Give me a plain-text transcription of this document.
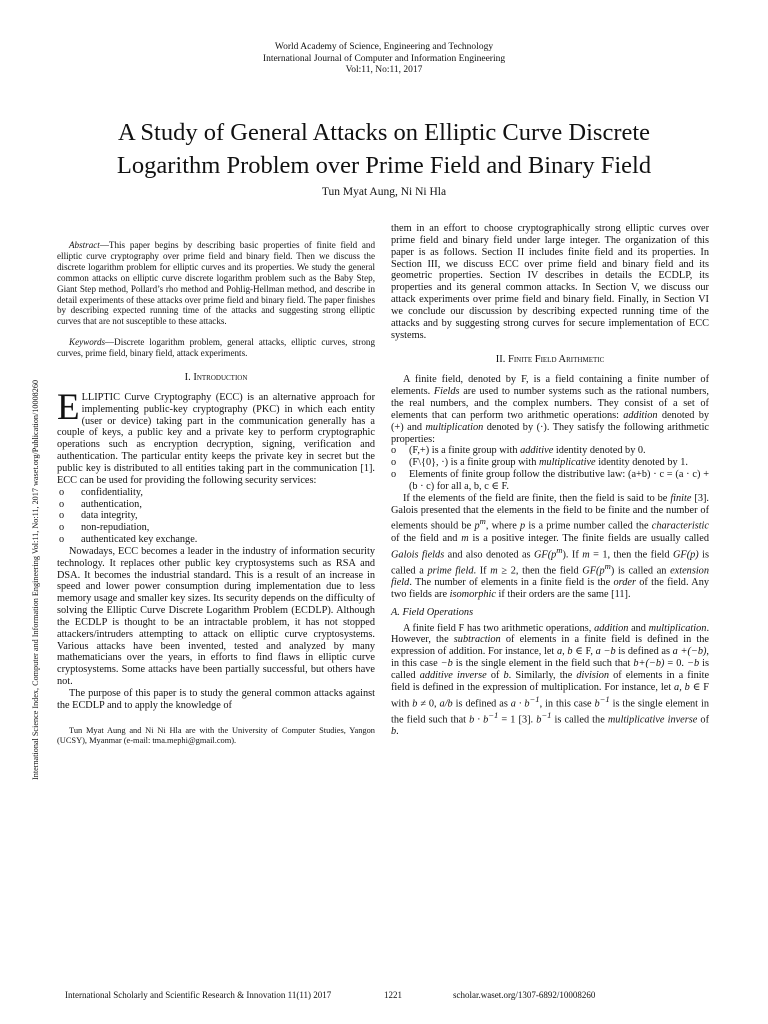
World Academy of Science, Engineering and Technology
International Journal of Computer and Information Engineering
Vol:11, No:11, 2017
A Study of General Attacks on Elliptic Curve Discrete
Logarithm Problem over Prime Field and Binary Field
Tun Myat Aung, Ni Ni Hla
International Science Index, Computer and Information Engineering Vol:11, No:11, 2017 waset.org/Publication/10008260

Abstract—This paper begins by describing basic properties of finite field and elliptic curve cryptography over prime field and binary field. Then we discuss the discrete logarithm problem for elliptic curves and its properties. We study the general common attacks on elliptic curve discrete logarithm problem such as the Baby Step, Giant Step method, Pollard’s rho method and Pohlig-Hellman method, and describe in detail experiments of these attacks over prime field and binary field. The paper finishes by describing expected running time of the attacks and suggesting strong elliptic curves that are not susceptible to these attacks.

Keywords—Discrete logarithm problem, general attacks, elliptic curves, strong curves, prime field, binary field, attack experiments.

I. Introduction

ELLIPTIC Curve Cryptography (ECC) is an alternative approach for implementing public-key cryptography (PKC) in which each entity (user or device) taking part in the communication generally has a couple of keys, a public key and a private key to perform cryptographic operations such as encryption decryption, signing, verification and authentication. The particular entity keeps the private key in secret but the public key is distributed to all entities taking part in the communication [1]. ECC can be used for providing the following security services:

o confidentiality,
o authentication,
o data integrity,
o non-repudiation,
o authenticated key exchange.

Nowadays, ECC becomes a leader in the industry of information security technology. It replaces other public key cryptosystems such as RSA and DSA. It becomes the industrial standard. This is a result of an increase in speed and lower power consumption during implementation due to less memory usage and smaller key sizes. Its security depends on the difficulty of solving the Elliptic Curve Discrete Logarithm Problem (ECDLP). Although the ECDLP is thought to be an intractable problem, it has not stopped attackers/intruders attempting to attack on elliptic curve cryptosystems. Various attacks have been invented, tested and analyzed by many mathematicians over the years, in efforts to find flaws in elliptic curve cryptosystems. Some attacks have been partially successful, but others have not.

The purpose of this paper is to study the general common attacks against the ECDLP and to apply the knowledge of

Tun Myat Aung and Ni Ni Hla are with the University of Computer Studies, Yangon (UCSY), Myanmar (e-mail: tma.mephi@gmail.com).

them in an effort to choose cryptographically strong elliptic curves over prime field and binary field under large integer. The organization of this paper is as follows. Section II includes finite field and its properties. In Section III, we discuss ECC over prime field and binary field and its geometric properties. Section IV describes in details the ECDLP, its properties and its general common attacks. In Section V, we discuss our attack experiments over prime field and binary field. Finally, in Section VI we conclude our discussion by describing expected running time of the attacks and by suggesting strong curves for secure implementation of ECC systems.

II. Finite Field Arithmetic

A finite field, denoted by F, is a field containing a finite number of elements. Fields are used to number systems such as the rational numbers, the real numbers, and the complex numbers. They consist of a set of elements that can perform two arithmetic operations: addition denoted by (+) and multiplication denoted by (·). They satisfy the following arithmetic properties:

o (F,+) is a finite group with additive identity denoted by 0.
o (F\{0}, ·) is a finite group with multiplicative identity denoted by 1.
o Elements of finite group follow the distributive law: (a+b) · c = (a · c) + (b · c) for all a, b, c ∈ F.

If the elements of the field are finite, then the field is said to be finite [3]. Galois presented that the elements in the field to be finite and the number of elements should be $p^m$, where p is a prime number called the characteristic of the field and m is a positive integer. The finite fields are usually called Galois fields and also denoted as $GF(p^m)$. If m = 1, then the field GF(p) is called a prime field. If m ≥ 2, then the field $GF(p^m)$ is called an extension field. The number of elements in a finite field is the order of the field. Any two fields are isomorphic if their orders are the same [11].

A. Field Operations

A finite field F has two arithmetic operations, addition and multiplication. However, the subtraction of elements in a finite field is defined in the expression of addition. For instance, let a, b ∈ F, a −b is defined as a +(−b), in this case −b is the single element in the field such that b+(−b) = 0. −b is called additive inverse of b. Similarly, the division of elements in a finite field is defined in the expression of multiplication. For instance, let a, b ∈ F with b ≠ 0, a/b is defined as $a \cdot b^{-1}$, in this case $b^{-1}$ is the single element in the field such that $b \cdot b^{-1} = 1$ [3]. $b^{-1}$ is called the multiplicative inverse of b.

International Scholarly and Scientific Research & Innovation 11(11) 2017	1221	scholar.waset.org/1307-6892/10008260
